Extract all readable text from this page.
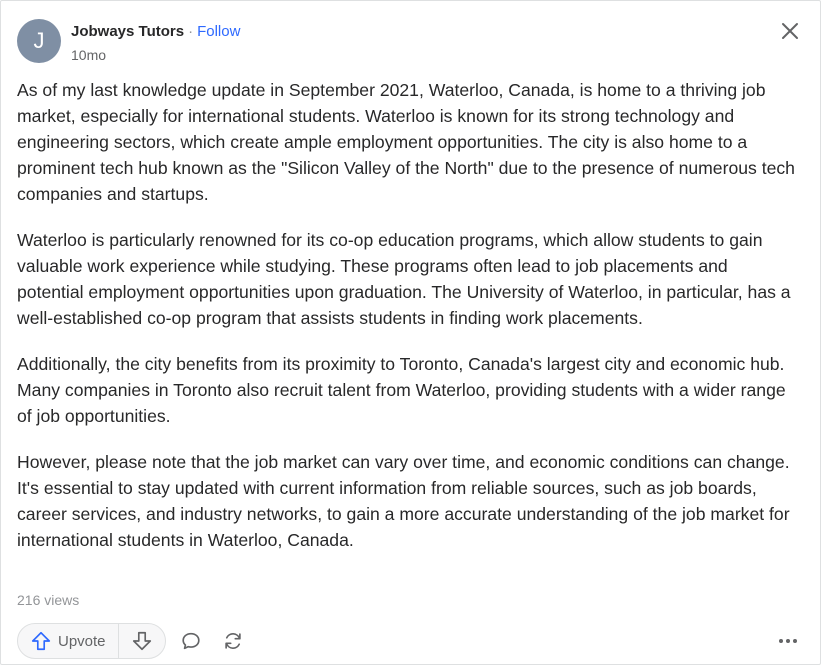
J Jobways Tutors · Follow
10mo

As of my last knowledge update in September 2021, Waterloo, Canada, is home to a thriving job market, especially for international students. Waterloo is known for its strong technology and engineering sectors, which create ample employment opportunities. The city is also home to a prominent tech hub known as the "Silicon Valley of the North" due to the presence of numerous tech companies and startups.

Waterloo is particularly renowned for its co-op education programs, which allow students to gain valuable work experience while studying. These programs often lead to job placements and potential employment opportunities upon graduation. The University of Waterloo, in particular, has a well-established co-op program that assists students in finding work placements.

Additionally, the city benefits from its proximity to Toronto, Canada's largest city and economic hub. Many companies in Toronto also recruit talent from Waterloo, providing students with a wider range of job opportunities.

However, please note that the job market can vary over time, and economic conditions can change. It's essential to stay updated with current information from reliable sources, such as job boards, career services, and industry networks, to gain a more accurate understanding of the job market for international students in Waterloo, Canada.

216 views
Upvote
